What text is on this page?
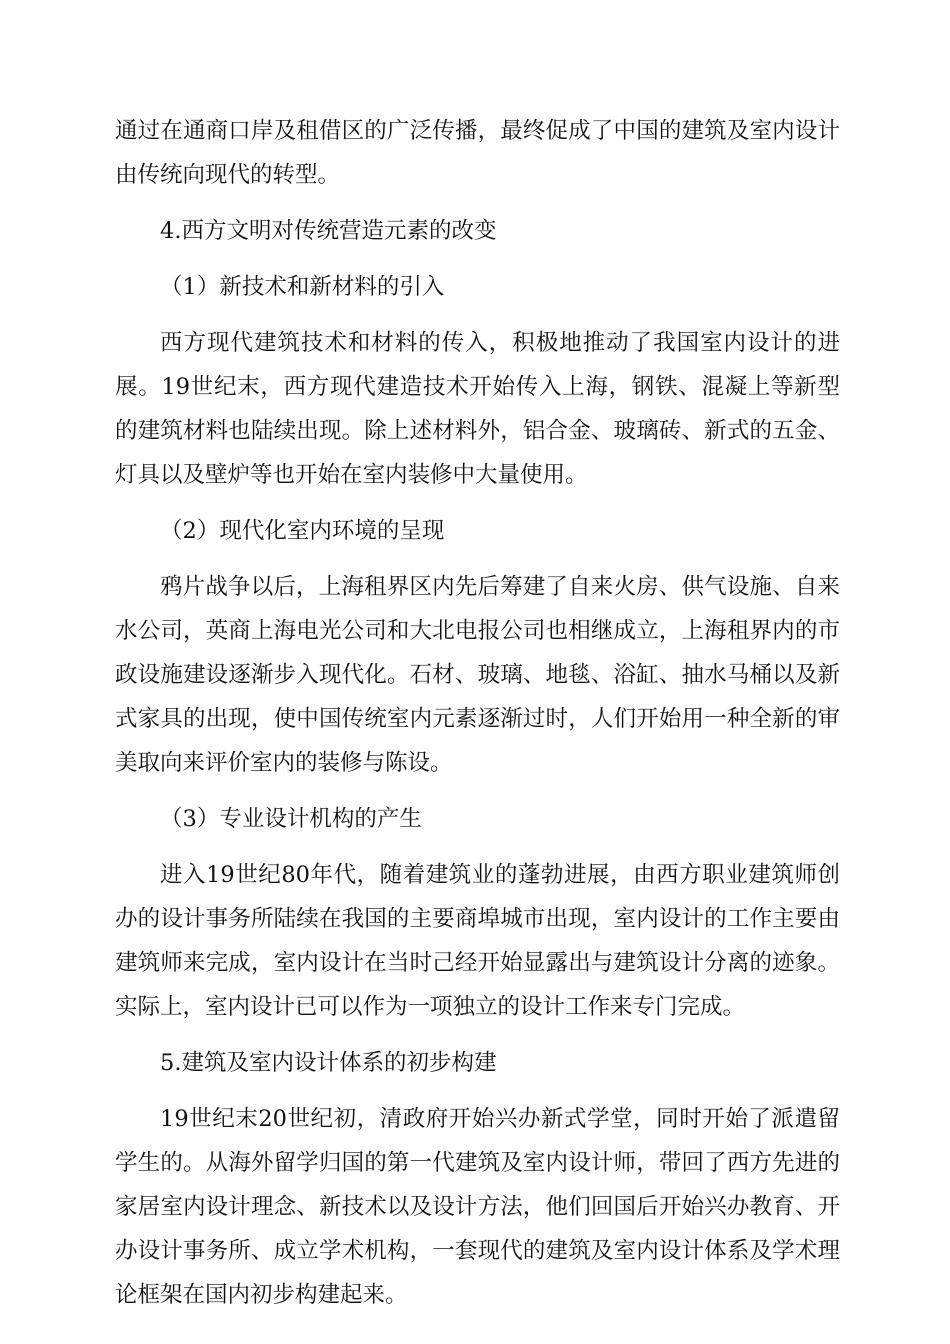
通过在通商口岸及租借区的广泛传播，最终促成了中国的建筑及室内设计由传统向现代的转型。

4.西方文明对传统营造元素的改变

（1）新技术和新材料的引入

西方现代建筑技术和材料的传入，积极地推动了我国室内设计的进展。19世纪末，西方现代建造技术开始传入上海，钢铁、混凝上等新型的建筑材料也陆续出现。除上述材料外，铝合金、玻璃砖、新式的五金、灯具以及壁炉等也开始在室内装修中大量使用。

（2）现代化室内环境的呈现

鸦片战争以后，上海租界区内先后筹建了自来火房、供气设施、自来水公司，英商上海电光公司和大北电报公司也相继成立，上海租界内的市政设施建设逐渐步入现代化。石材、玻璃、地毯、浴缸、抽水马桶以及新式家具的出现，使中国传统室内元素逐渐过时，人们开始用一种全新的审美取向来评价室内的装修与陈设。

（3）专业设计机构的产生

进入19世纪80年代，随着建筑业的蓬勃进展，由西方职业建筑师创办的设计事务所陆续在我国的主要商埠城市出现，室内设计的工作主要由建筑师来完成，室内设计在当时己经开始显露出与建筑设计分离的迹象。实际上，室内设计已可以作为一项独立的设计工作来专门完成。

5.建筑及室内设计体系的初步构建

19世纪末20世纪初，清政府开始兴办新式学堂，同时开始了派遣留学生的。从海外留学归国的第一代建筑及室内设计师，带回了西方先进的家居室内设计理念、新技术以及设计方法，他们回国后开始兴办教育、开办设计事务所、成立学术机构，一套现代的建筑及室内设计体系及学术理论框架在国内初步构建起来。
